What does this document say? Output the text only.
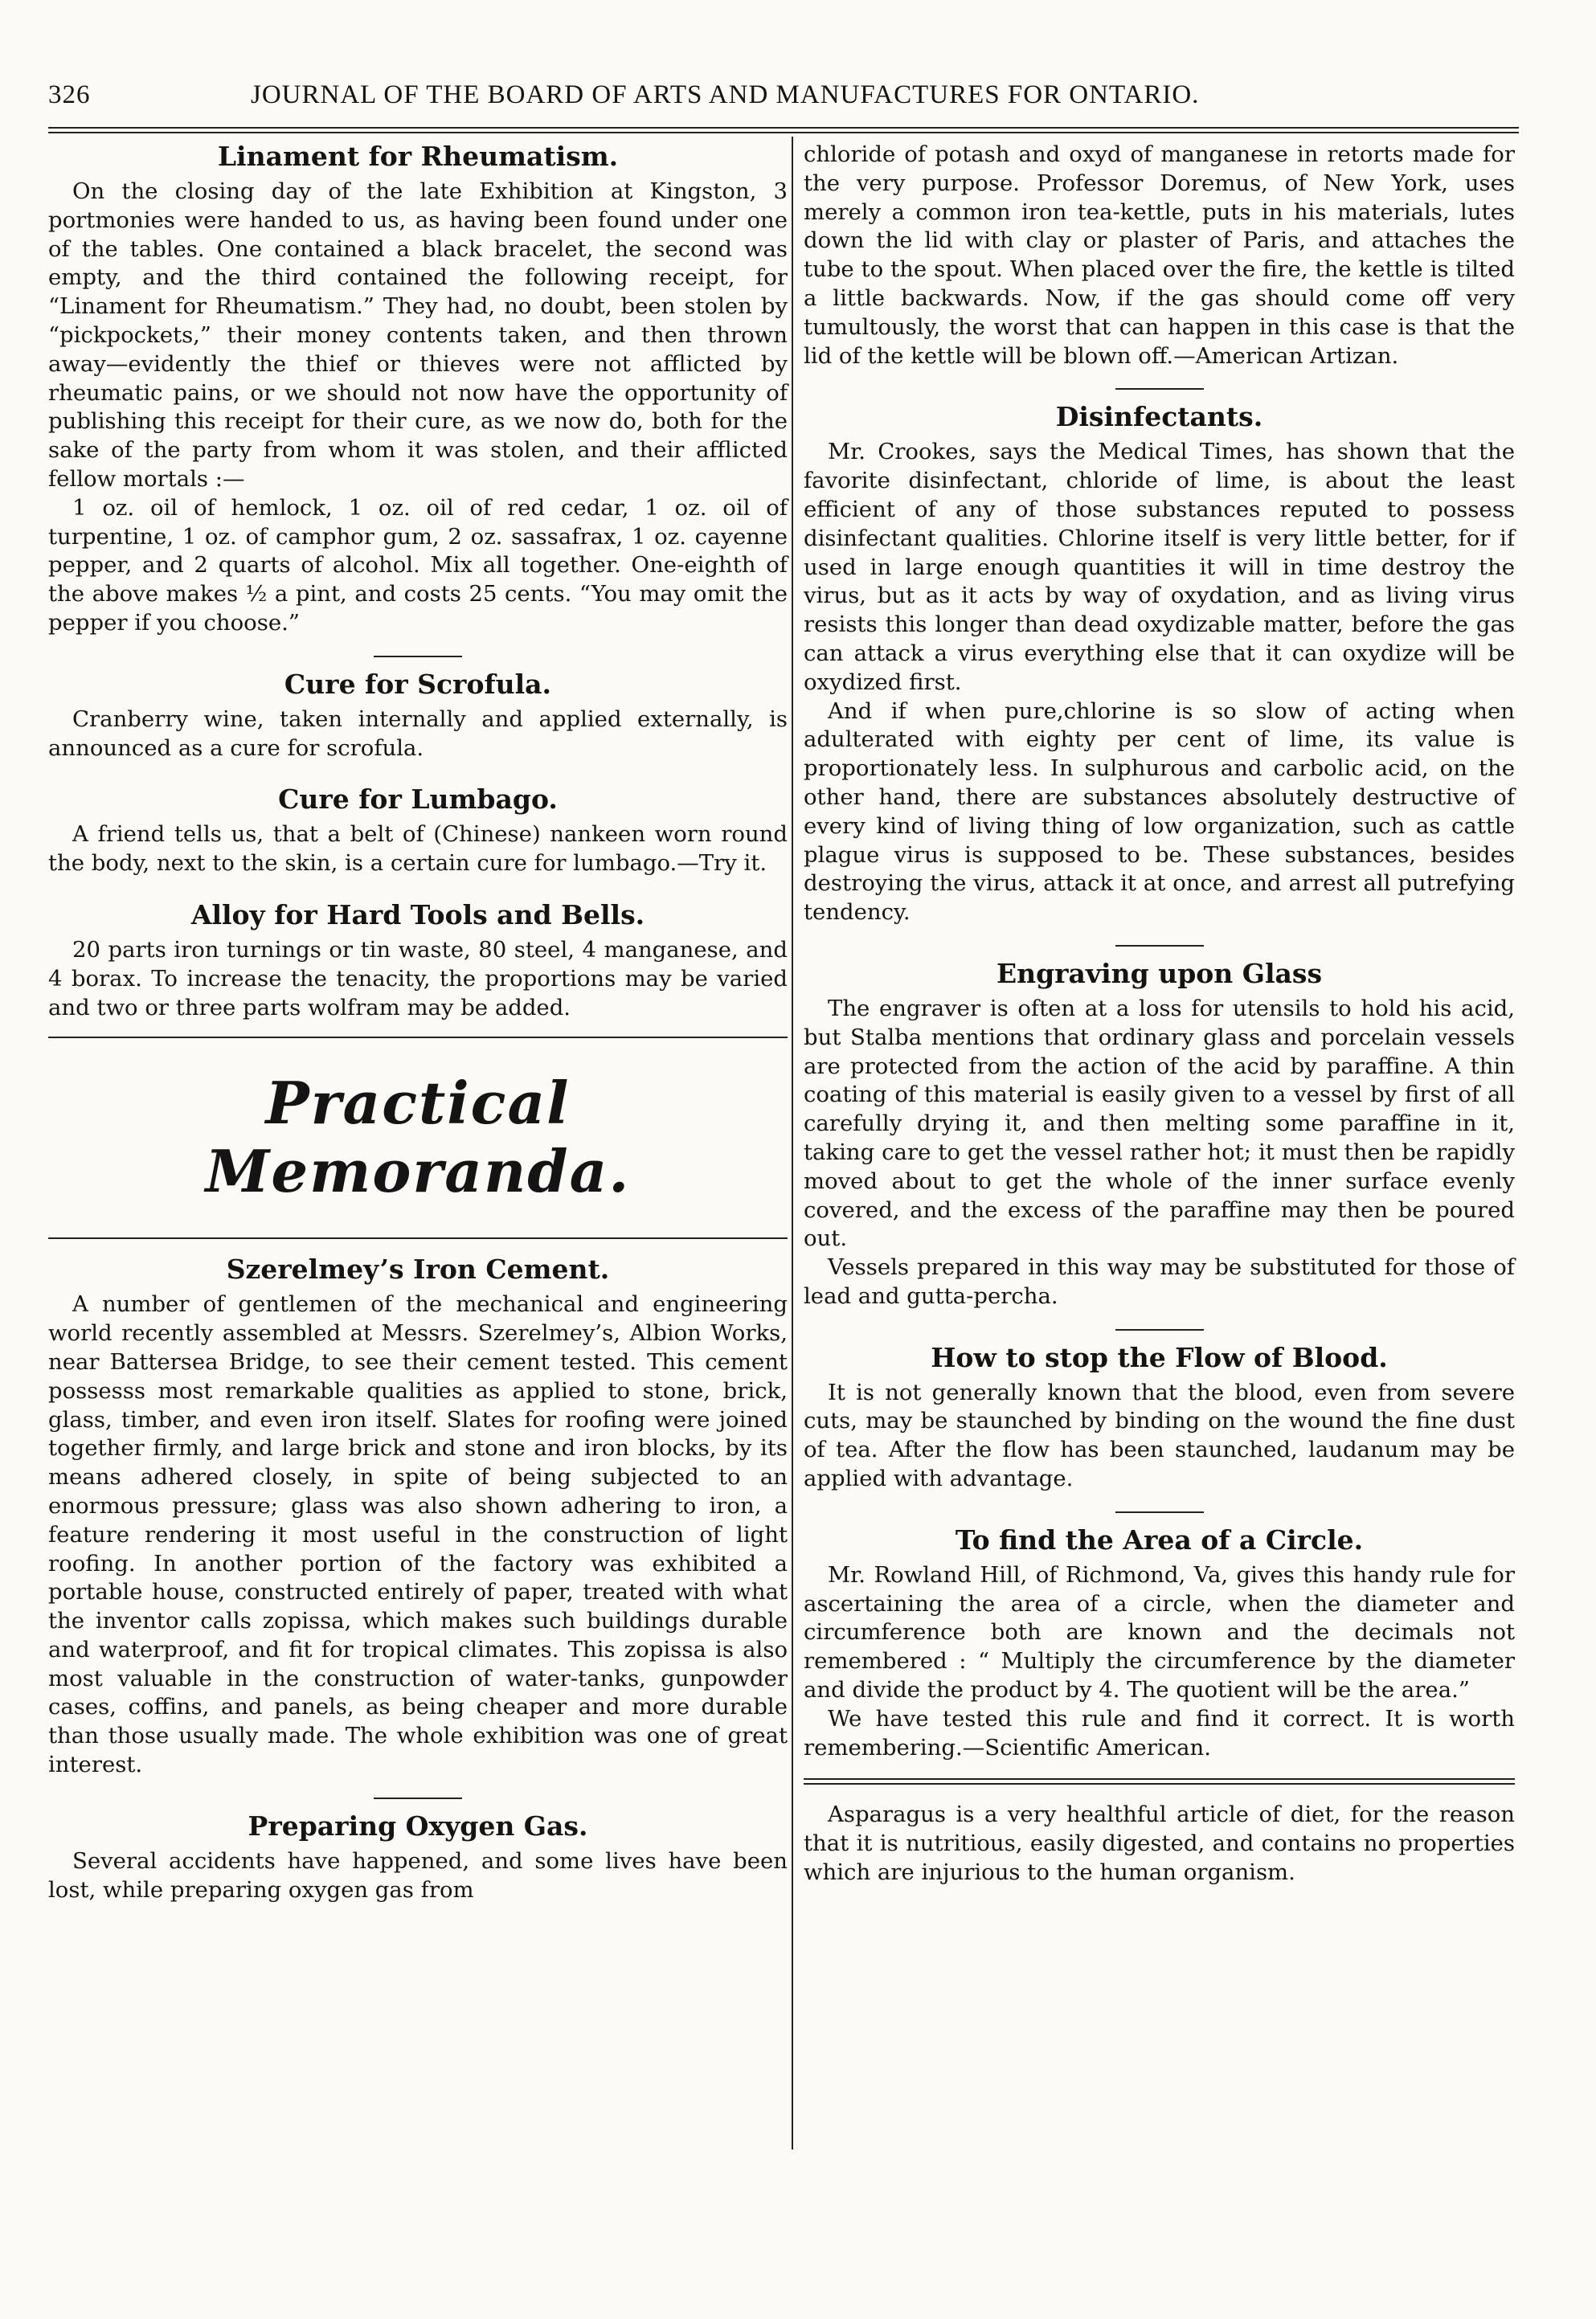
326	JOURNAL OF THE BOARD OF ARTS AND MANUFACTURES FOR ONTARIO.
Linament for Rheumatism.

On the closing day of the late Exhibition at Kingston, 3 portmonies were handed to us, as having been found under one of the tables. One contained a black bracelet, the second was empty, and the third contained the following receipt, for “Linament for Rheumatism.” They had, no doubt, been stolen by “pickpockets,” their money contents taken, and then thrown away—evidently the thief or thieves were not afflicted by rheumatic pains, or we should not now have the opportunity of publishing this receipt for their cure, as we now do, both for the sake of the party from whom it was stolen, and their afflicted fellow mortals :—

1 oz. oil of hemlock, 1 oz. oil of red cedar, 1 oz. oil of turpentine, 1 oz. of camphor gum, 2 oz. sassafrax, 1 oz. cayenne pepper, and 2 quarts of alcohol. Mix all together. One-eighth of the above makes ½ a pint, and costs 25 cents. “You may omit the pepper if you choose.”

Cure for Scrofula.

Cranberry wine, taken internally and applied externally, is announced as a cure for scrofula.

Cure for Lumbago.

A friend tells us, that a belt of (Chinese) nankeen worn round the body, next to the skin, is a certain cure for lumbago.—Try it.

Alloy for Hard Tools and Bells.

20 parts iron turnings or tin waste, 80 steel, 4 manganese, and 4 borax. To increase the tenacity, the proportions may be varied and two or three parts wolfram may be added.

Practical Memoranda.
Szerelmey’s Iron Cement.

A number of gentlemen of the mechanical and engineering world recently assembled at Messrs. Szerelmey’s, Albion Works, near Battersea Bridge, to see their cement tested. This cement possesss most remarkable qualities as applied to stone, brick, glass, timber, and even iron itself. Slates for roofing were joined together firmly, and large brick and stone and iron blocks, by its means adhered closely, in spite of being subjected to an enormous pressure; glass was also shown adhering to iron, a feature rendering it most useful in the construction of light roofing. In another portion of the factory was exhibited a portable house, constructed entirely of paper, treated with what the inventor calls zopissa, which makes such buildings durable and waterproof, and fit for tropical climates. This zopissa is also most valuable in the construction of water-tanks, gunpowder cases, coffins, and panels, as being cheaper and more durable than those usually made. The whole exhibition was one of great interest.

Preparing Oxygen Gas.

Several accidents have happened, and some lives have been lost, while preparing oxygen gas from

chloride of potash and oxyd of manganese in retorts made for the very purpose. Professor Doremus, of New York, uses merely a common iron tea-kettle, puts in his materials, lutes down the lid with clay or plaster of Paris, and attaches the tube to the spout. When placed over the fire, the kettle is tilted a little backwards. Now, if the gas should come off very tumultously, the worst that can happen in this case is that the lid of the kettle will be blown off.—American Artizan.

Disinfectants.

Mr. Crookes, says the Medical Times, has shown that the favorite disinfectant, chloride of lime, is about the least efficient of any of those substances reputed to possess disinfectant qualities. Chlorine itself is very little better, for if used in large enough quantities it will in time destroy the virus, but as it acts by way of oxydation, and as living virus resists this longer than dead oxydizable matter, before the gas can attack a virus everything else that it can oxydize will be oxydized first.

And if when pure,chlorine is so slow of acting when adulterated with eighty per cent of lime, its value is proportionately less. In sulphurous and carbolic acid, on the other hand, there are substances absolutely destructive of every kind of living thing of low organization, such as cattle plague virus is supposed to be. These substances, besides destroying the virus, attack it at once, and arrest all putrefying tendency.

Engraving upon Glass

The engraver is often at a loss for utensils to hold his acid, but Stalba mentions that ordinary glass and porcelain vessels are protected from the action of the acid by paraffine. A thin coating of this material is easily given to a vessel by first of all carefully drying it, and then melting some paraffine in it, taking care to get the vessel rather hot; it must then be rapidly moved about to get the whole of the inner surface evenly covered, and the excess of the paraffine may then be poured out.

Vessels prepared in this way may be substituted for those of lead and gutta-percha.

How to stop the Flow of Blood.

It is not generally known that the blood, even from severe cuts, may be staunched by binding on the wound the fine dust of tea. After the flow has been staunched, laudanum may be applied with advantage.

To find the Area of a Circle.

Mr. Rowland Hill, of Richmond, Va, gives this handy rule for ascertaining the area of a circle, when the diameter and circumference both are known and the decimals not remembered : “ Multiply the circumference by the diameter and divide the product by 4. The quotient will be the area.”

We have tested this rule and find it correct. It is worth remembering.—Scientific American.

Asparagus is a very healthful article of diet, for the reason that it is nutritious, easily digested, and contains no properties which are injurious to the human organism.
